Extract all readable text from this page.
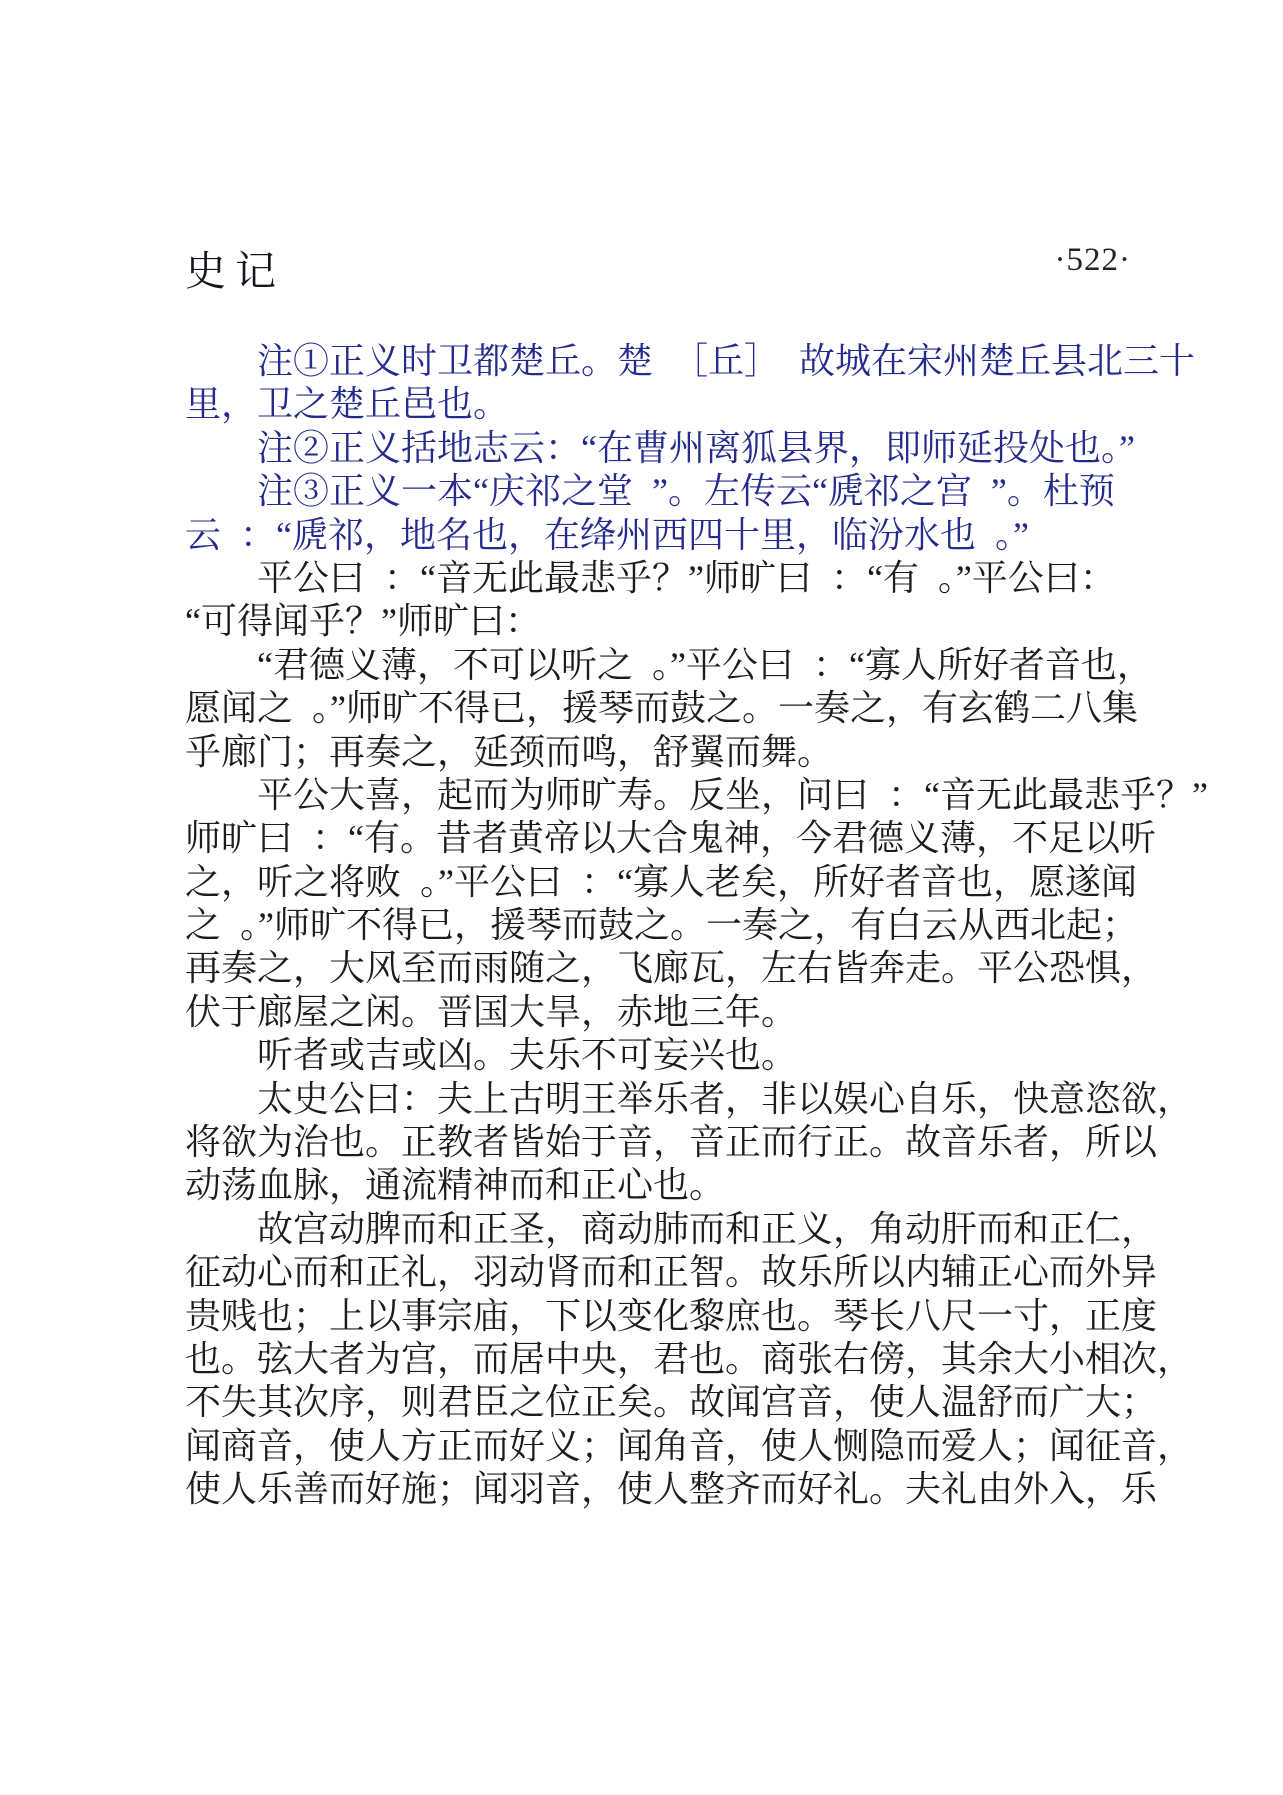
史记	·522·
注①正义时卫都楚丘。楚 ［丘］ 故城在宋州楚丘县北三十
里，卫之楚丘邑也。
注②正义括地志云：“在曹州离狐县界，即师延投处也。”
注③正义一本“庆祁之堂 ”。左传云“虒祁之宫 ”。杜预
云 ：“虒祁，地名也，在绛州西四十里，临汾水也 。”
平公曰 ：“音无此最悲乎？”师旷曰 ：“有 。”平公曰：
“可得闻乎？”师旷曰：
“君德义薄，不可以听之 。”平公曰 ：“寡人所好者音也，
愿闻之 。”师旷不得已，援琴而鼓之。一奏之，有玄鹤二八集
乎廊门；再奏之，延颈而鸣，舒翼而舞。
平公大喜，起而为师旷寿。反坐，问曰 ：“音无此最悲乎？”
师旷曰 ：“有。昔者黄帝以大合鬼神，今君德义薄，不足以听
之，听之将败 。”平公曰 ：“寡人老矣，所好者音也，愿遂闻
之 。”师旷不得已，援琴而鼓之。一奏之，有白云从西北起；
再奏之，大风至而雨随之，飞廊瓦，左右皆奔走。平公恐惧，
伏于廊屋之闲。晋国大旱，赤地三年。
听者或吉或凶。夫乐不可妄兴也。
太史公曰：夫上古明王举乐者，非以娱心自乐，快意恣欲，
将欲为治也。正教者皆始于音，音正而行正。故音乐者，所以
动荡血脉，通流精神而和正心也。
故宫动脾而和正圣，商动肺而和正义，角动肝而和正仁，
征动心而和正礼，羽动肾而和正智。故乐所以内辅正心而外异
贵贱也；上以事宗庙，下以变化黎庶也。琴长八尺一寸，正度
也。弦大者为宫，而居中央，君也。商张右傍，其余大小相次，
不失其次序，则君臣之位正矣。故闻宫音，使人温舒而广大；
闻商音，使人方正而好义；闻角音，使人恻隐而爱人；闻征音，
使人乐善而好施；闻羽音，使人整齐而好礼。夫礼由外入，乐
